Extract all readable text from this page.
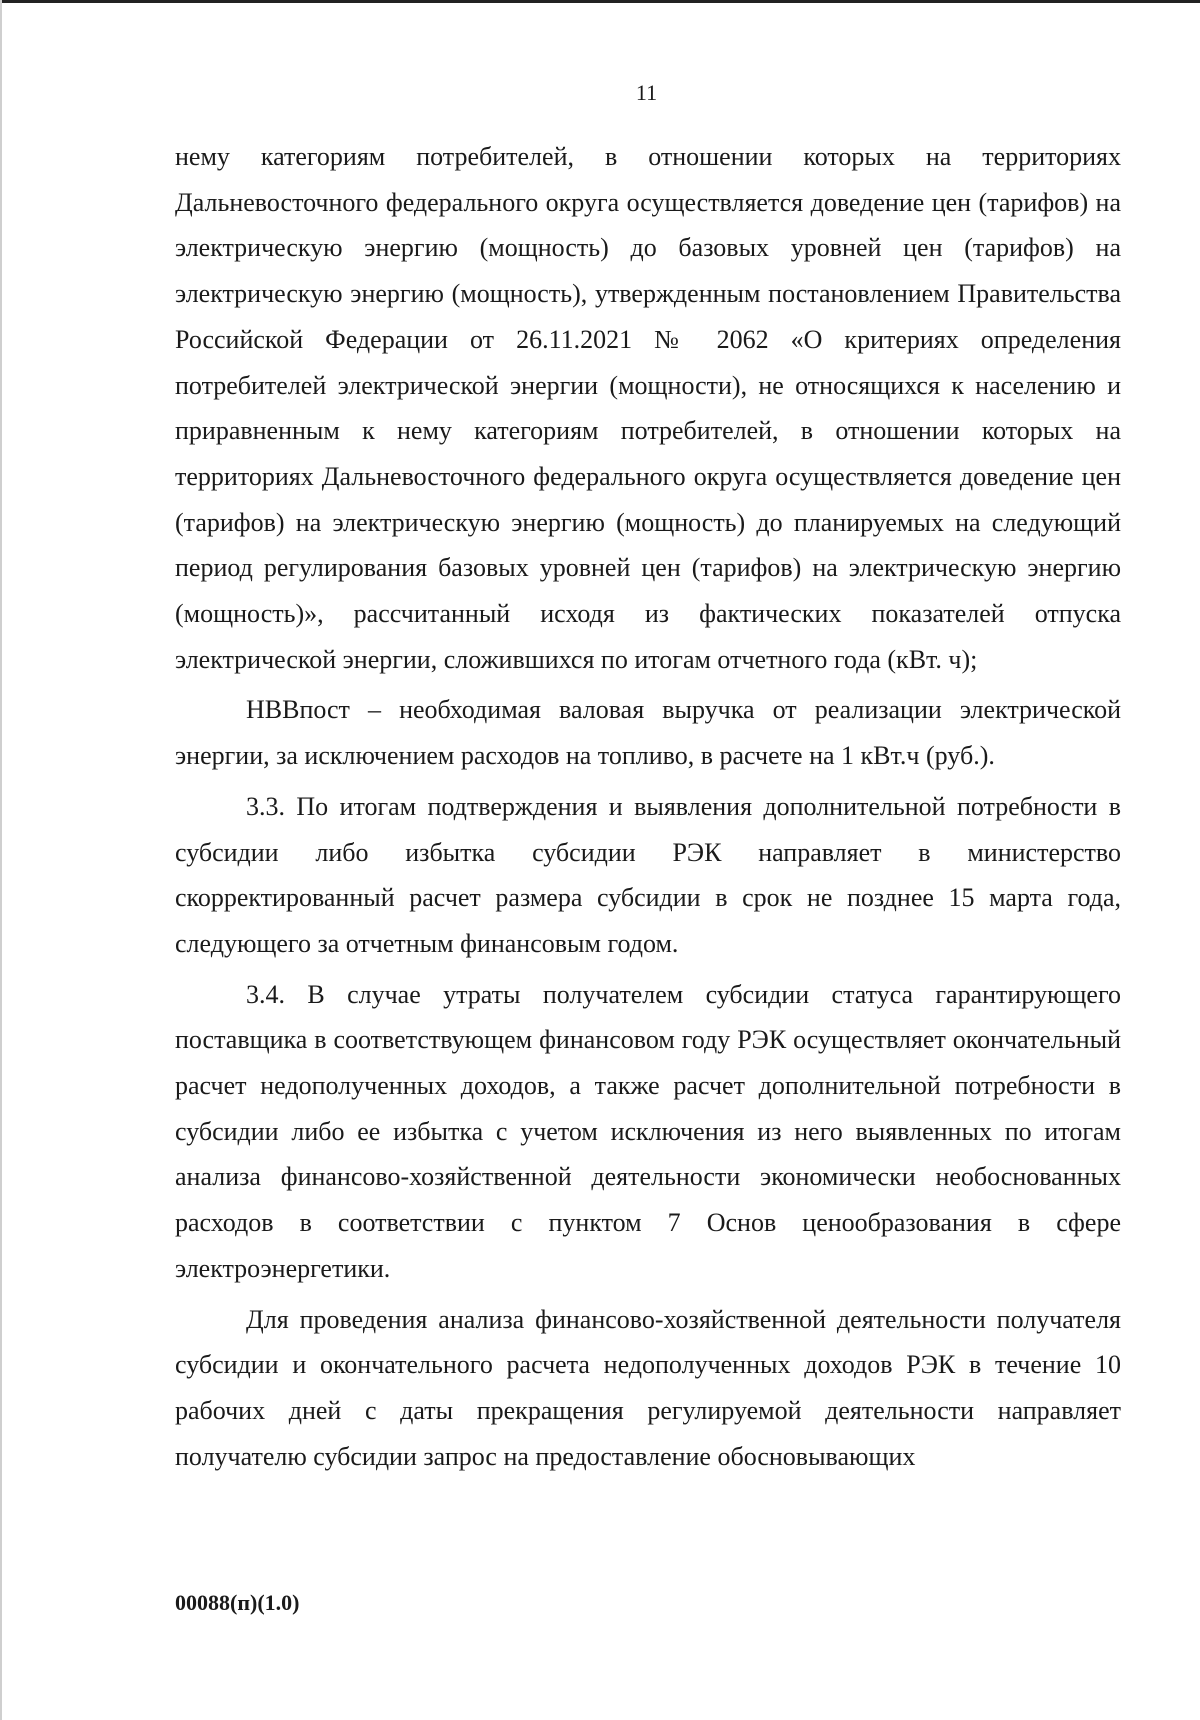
11

нему категориям потребителей, в отношении которых на территориях Дальневосточного федерального округа осуществляется доведение цен (тарифов) на электрическую энергию (мощность) до базовых уровней цен (тарифов) на электрическую энергию (мощность), утвержденным постановлением Правительства Российской Федерации от 26.11.2021 № 2062 «О критериях определения потребителей электрической энергии (мощности), не относящихся к населению и приравненным к нему категориям потребителей, в отношении которых на территориях Дальневосточного федерального округа осуществляется доведение цен (тарифов) на электрическую энергию (мощность) до планируемых на следующий период регулирования базовых уровней цен (тарифов) на электрическую энергию (мощность)», рассчитанный исходя из фактических показателей отпуска электрической энергии, сложившихся по итогам отчетного года (кВт. ч);

НВВпост – необходимая валовая выручка от реализации электрической энергии, за исключением расходов на топливо, в расчете на 1 кВт.ч (руб.).

3.3. По итогам подтверждения и выявления дополнительной потребности в субсидии либо избытка субсидии РЭК направляет в министерство скорректированный расчет размера субсидии в срок не позднее 15 марта года, следующего за отчетным финансовым годом.

3.4. В случае утраты получателем субсидии статуса гарантирующего поставщика в соответствующем финансовом году РЭК осуществляет окончательный расчет недополученных доходов, а также расчет дополнительной потребности в субсидии либо ее избытка с учетом исключения из него выявленных по итогам анализа финансово-хозяйственной деятельности экономически необоснованных расходов в соответствии с пунктом 7 Основ ценообразования в сфере электроэнергетики.

Для проведения анализа финансово-хозяйственной деятельности получателя субсидии и окончательного расчета недополученных доходов РЭК в течение 10 рабочих дней с даты прекращения регулируемой деятельности направляет получателю субсидии запрос на предоставление обосновывающих

00088(п)(1.0)
